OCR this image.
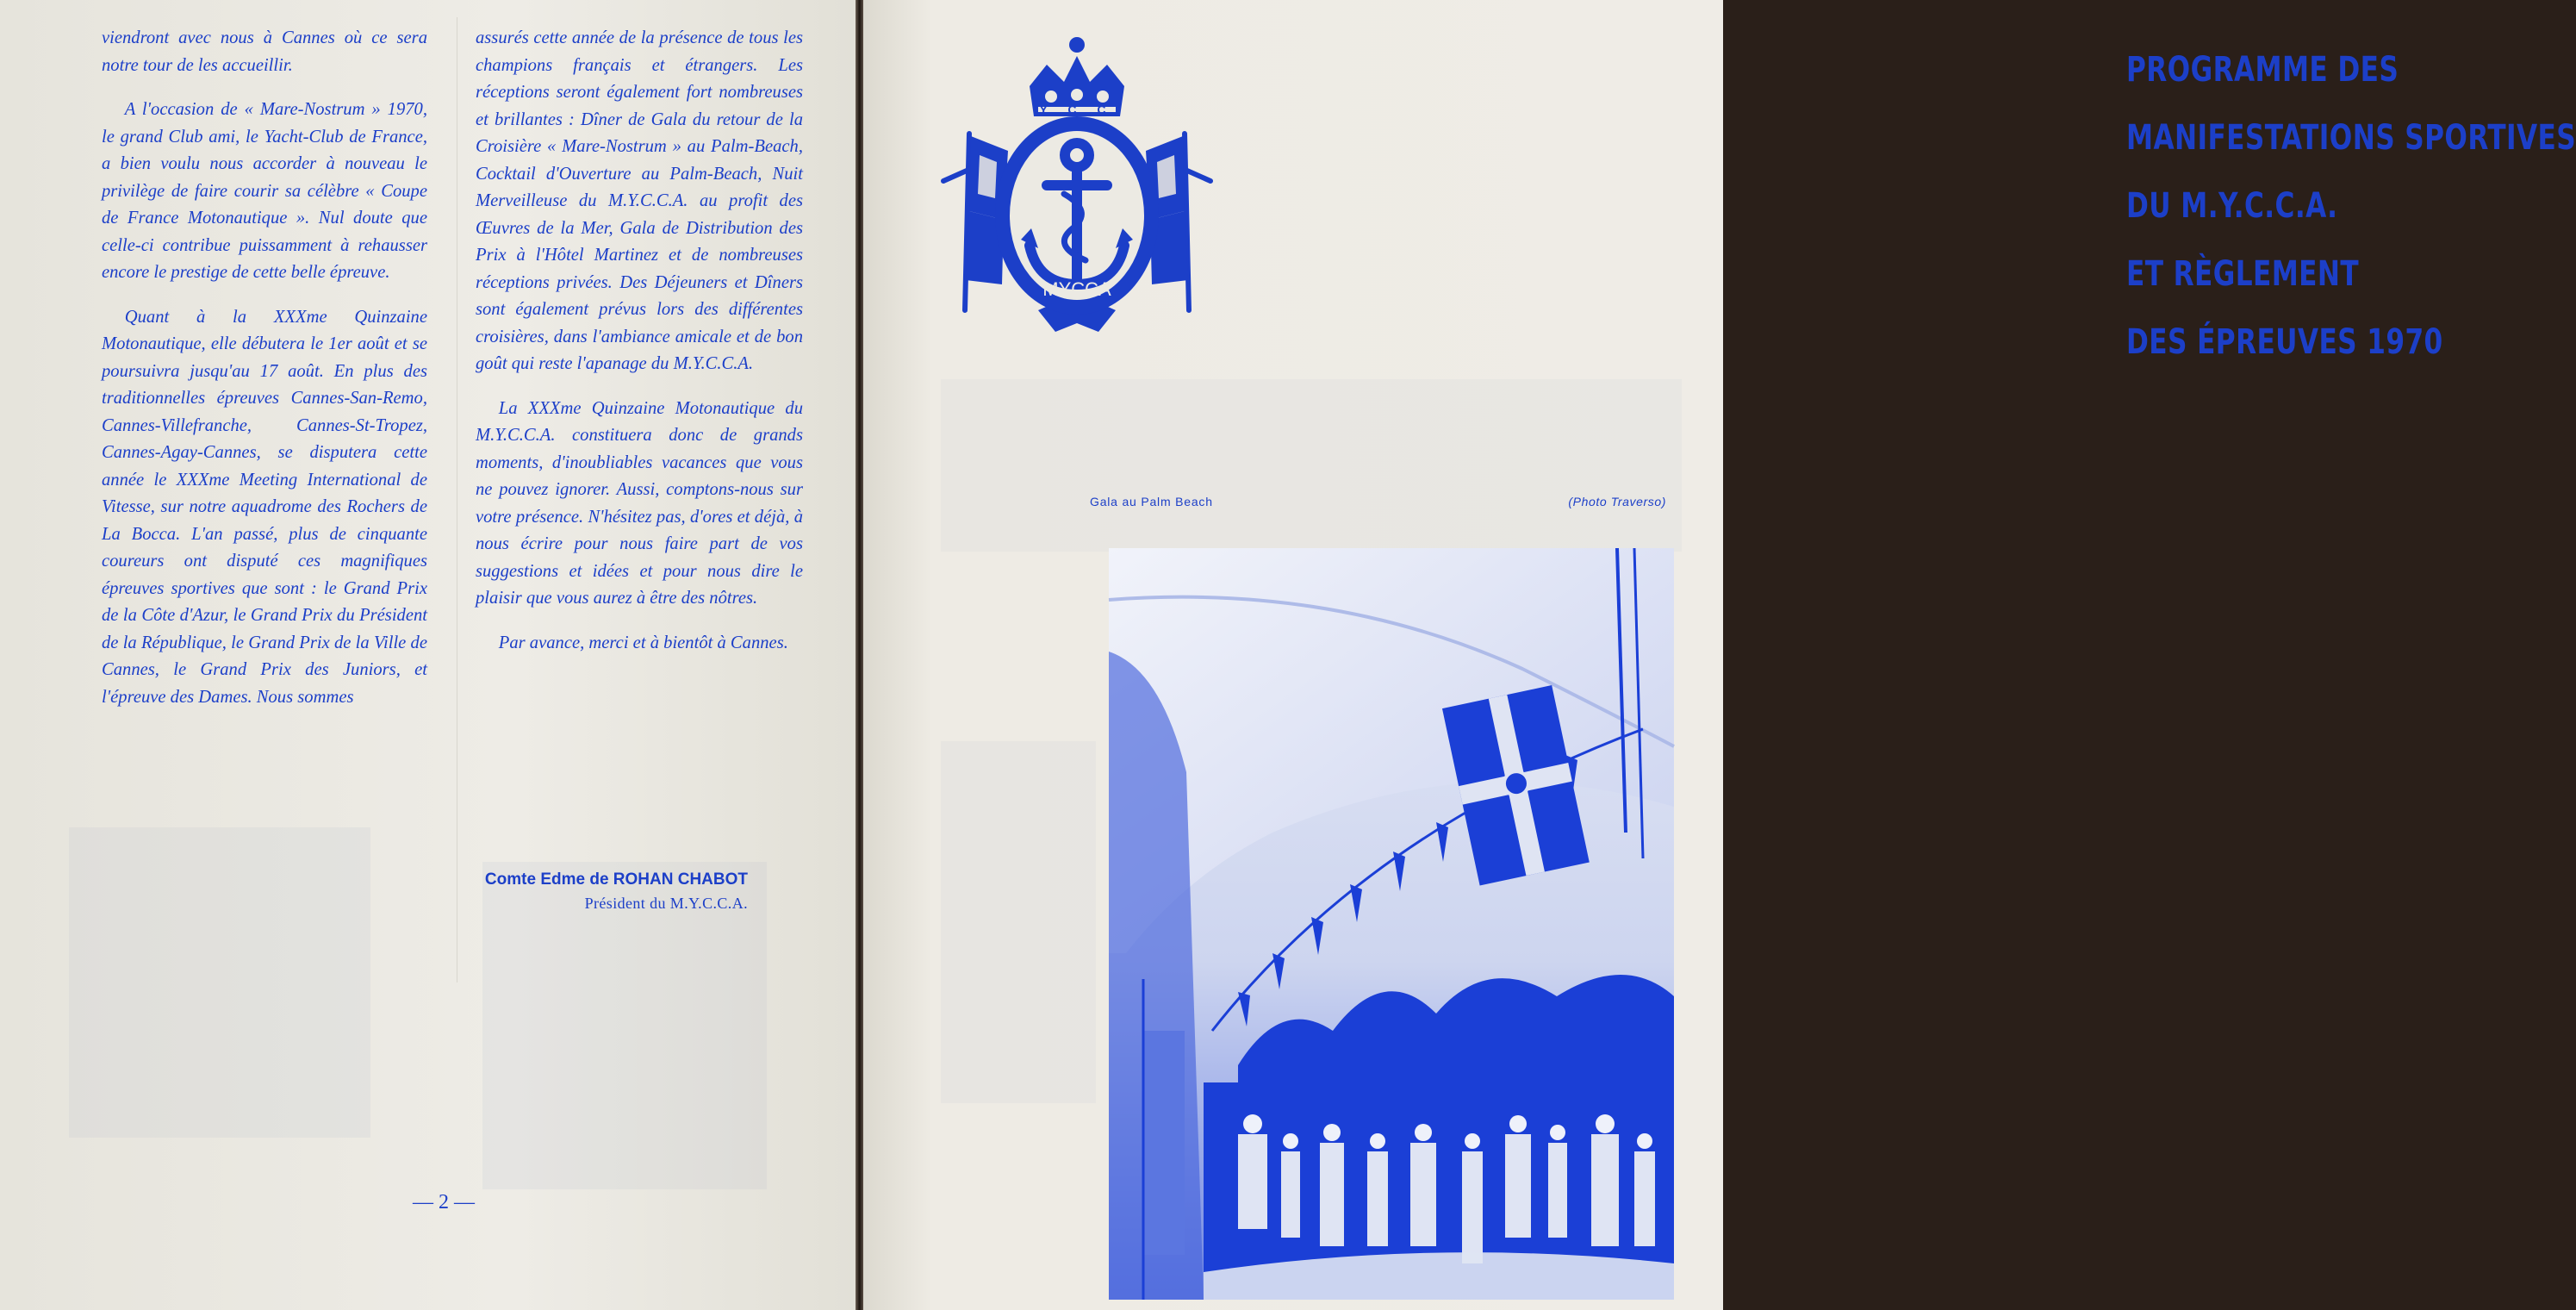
viendront avec nous à Cannes où ce sera notre tour de les accueillir.

A l'occasion de « Mare-Nostrum » 1970, le grand Club ami, le Yacht-Club de France, a bien voulu nous accorder à nouveau le privilège de faire courir sa célèbre « Coupe de France Motonautique ». Nul doute que celle-ci contribue puissamment à rehausser encore le prestige de cette belle épreuve.

Quant à la XXXme Quinzaine Motonautique, elle débutera le 1er août et se poursuivra jusqu'au 17 août. En plus des traditionnelles épreuves Cannes-San-Remo, Cannes-Villefranche, Cannes-St-Tropez, Cannes-Agay-Cannes, se disputera cette année le XXXme Meeting International de Vitesse, sur notre aquadrome des Rochers de La Bocca. L'an passé, plus de cinquante coureurs ont disputé ces magnifiques épreuves sportives que sont : le Grand Prix de la Côte d'Azur, le Grand Prix du Président de la République, le Grand Prix de la Ville de Cannes, le Grand Prix des Juniors, et l'épreuve des Dames. Nous sommes

assurés cette année de la présence de tous les champions français et étrangers. Les réceptions seront également fort nombreuses et brillantes : Dîner de Gala du retour de la Croisière « Mare-Nostrum » au Palm-Beach, Cocktail d'Ouverture au Palm-Beach, Nuit Merveilleuse du M.Y.C.C.A. au profit des Œuvres de la Mer, Gala de Distribution des Prix à l'Hôtel Martinez et de nombreuses réceptions privées. Des Déjeuners et Dîners sont également prévus lors des différentes croisières, dans l'ambiance amicale et de bon goût qui reste l'apanage du M.Y.C.C.A.

La XXXme Quinzaine Motonautique du M.Y.C.C.A. constituera donc de grands moments, d'inoubliables vacances que vous ne pouvez ignorer. Aussi, comptons-nous sur votre présence. N'hésitez pas, d'ores et déjà, à nous écrire pour nous faire part de vos suggestions et idées et pour nous dire le plaisir que vous aurez à être des nôtres.

Par avance, merci et à bientôt à Cannes.

Comte Edme de ROHAN CHABOT
Président du M.Y.C.C.A.
— 2 —
MYCCA
Y C C
PROGRAMME DES
MANIFESTATIONS SPORTIVES
DU M.Y.C.C.A.
ET RÈGLEMENT
DES ÉPREUVES 1970
Gala au Palm Beach	(Photo Traverso)
